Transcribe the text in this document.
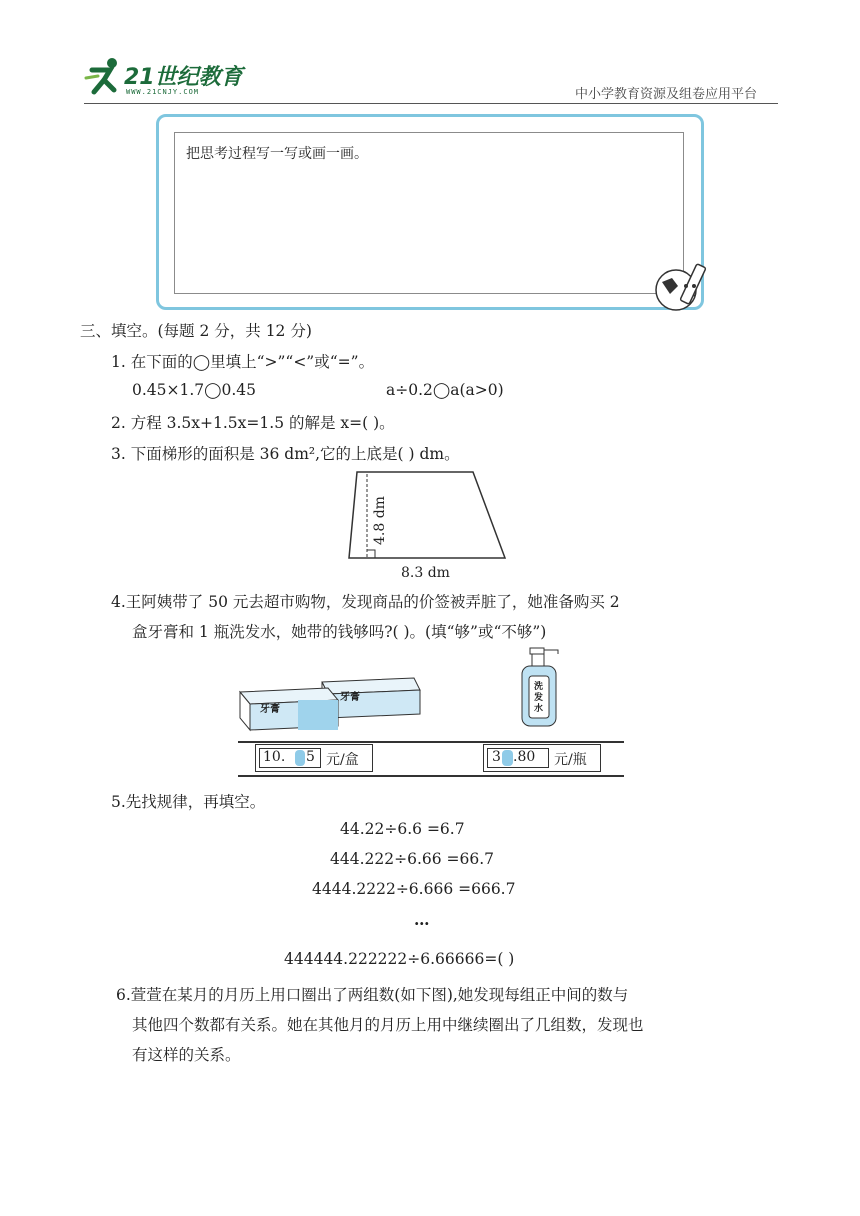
21世纪教育
WWW.21CNJY.COM	中小学教育资源及组卷应用平台
把思考过程写一写或画一画。
三、填空。(每题 2 分，共 12 分)
1. 在下面的◯里填上“>”“<”或“=”。
0.45×1.7◯0.45	a÷0.2◯a(a>0)
2. 方程 3.5x+1.5x=1.5 的解是 x=( )。
3. 下面梯形的面积是 36 dm²,它的上底是( ) dm。
4.8 dm
8.3 dm
4.王阿姨带了 50 元去超市购物，发现商品的价签被弄脏了，她准备购买 2
盒牙膏和 1 瓶洗发水，她带的钱够吗?( )。(填“够”或“不够”)
牙膏
牙膏
洗发水
10. 5 元/盒	3 .80 元/瓶
5.先找规律，再填空。
44.22÷6.6 =6.7
444.222÷6.66 =66.7
4444.2222÷6.666 =666.7
…
444444.222222÷6.66666=( )
6.萱萱在某月的月历上用口圈出了两组数(如下图),她发现每组正中间的数与
其他四个数都有关系。她在其他月的月历上用中继续圈出了几组数，发现也
有这样的关系。
